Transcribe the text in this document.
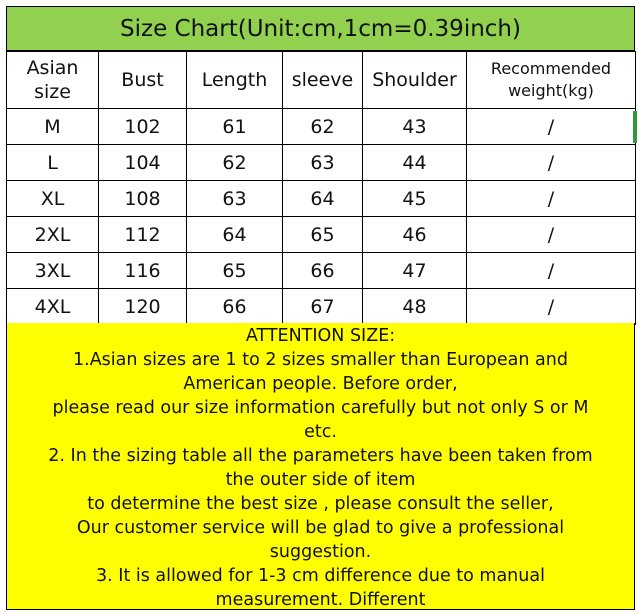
Size Chart(Unit:cm,1cm=0.39inch)
Asian size	Bust	Length	sleeve	Shoulder	Recommended weight(kg)
M	102	61	62	43	/
L	104	62	63	44	/
XL	108	63	64	45	/
2XL	112	64	65	46	/
3XL	116	65	66	47	/
4XL	120	66	67	48	/
ATTENTION SIZE:
1.Asian sizes are 1 to 2 sizes smaller than European and
American people. Before order,
please read our size information carefully but not only S or M
etc.
2. In the sizing table all the parameters have been taken from
the outer side of item
to determine the best size , please consult the seller,
Our customer service will be glad to give a professional
suggestion.
3. It is allowed for 1-3 cm difference due to manual
measurement. Different
